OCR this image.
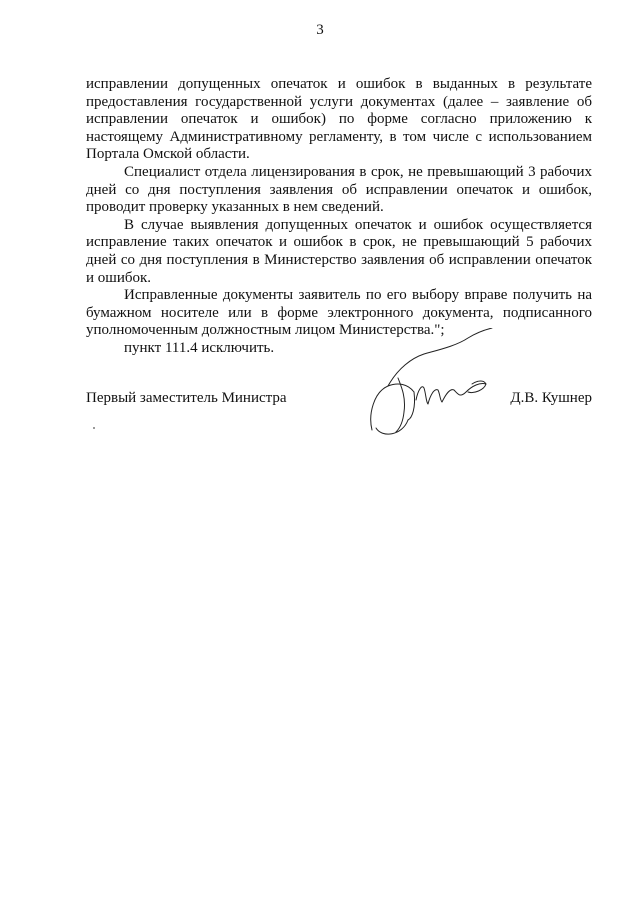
3

исправлении допущенных опечаток и ошибок в выданных в результате предоставления государственной услуги документах (далее – заявление об исправлении опечаток и ошибок) по форме согласно приложению к настоящему Административному регламенту, в том числе с использованием Портала Омской области.

Специалист отдела лицензирования в срок, не превышающий 3 рабочих дней со дня поступления заявления об исправлении опечаток и ошибок, проводит проверку указанных в нем сведений.

В случае выявления допущенных опечаток и ошибок осуществляется исправление таких опечаток и ошибок в срок, не превышающий 5 рабочих дней со дня поступления в Министерство заявления об исправлении опечаток и ошибок.

Исправленные документы заявитель по его выбору вправе получить на бумажном носителе или в форме электронного документа, подписанного уполномоченным должностным лицом Министерства.";

пункт 111.4 исключить.

Первый заместитель Министра	Д.В. Кушнер
